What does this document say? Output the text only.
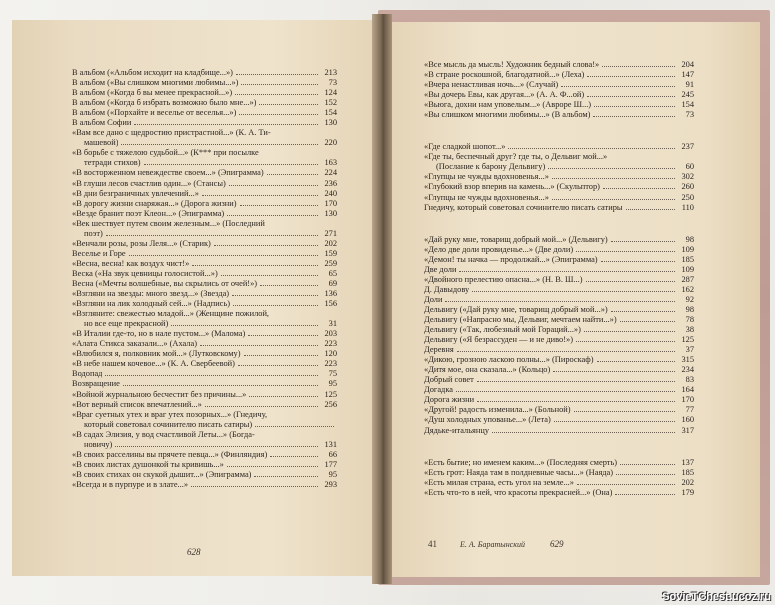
В альбом («Альбом исходит на кладбище...»)	213
В альбом («Вы слишком многими любимы...»)	73
В альбом («Когда б вы менее прекрасной...»)	124
В альбом («Когда б избрать возможно было мне...»)	152
В альбом («Порхайте и веселье от веселья...»)	154
В альбом Софии	130
«Вам все дано с щедростию пристрастной...» (К. А. Ти-
машевой)	220
«В борьбе с тяжелою судьбой...» (К*** при посылке
тетради стихов)	163
«В восторженном невеждестве своем...» (Эпиграмма)	224
«В глуши лесов счастлив один...» (Стансы)	236
«В дни безграничных увлечений...»	240
«В дорогу жизни снаряжая...» (Дорога жизни)	170
«Везде бранит поэт Клеон...» (Эпиграмма)	130
«Век шествует путем своим железным...» (Последний
поэт)	271
«Венчали розы, розы Леля...» (Старик)	202
Веселье и Горе	159
«Весна, весна! как воздух чист!»	259
Веска («На звук цевницы голосистой...»)	65
Весна («Мечты волшебные, вы скрылись от очей!»)	69
«Взгляни на звезды: много звезд...» (Звезда)	136
«Взгляни на лик холодный сей...» (Надпись)	156
«Взгляните: свежестью младой...» (Женщине пожилой,
но все еще прекрасной)	31
«В Италии где-то, но в нале пустом...» (Малома)	203
«Алата Стикса заказали...» (Ахала)	223
«Влюбился я, полковник мой...» (Лутковскому)	120
«В небе нашем кочевое...» (К. А. Свербеевой)	223
Водопад	75
Возвращение	95
«Войной журнальною бесчестит без причины...»	125
«Вот верный список впечатлений...»	256
«Враг суетных утех и враг утех позорных...» (Гнедичу,
который советовал сочинителю писать сатиры)
«В садах Элизия, у вод счастливой Леты...» (Богда-
новичу)	131
«В своих расселины вы прячете певца...» (Финляндия)	66
«В своих листах душонкой ты кривишь...»	177
«В своих стихах он скукой дышит...» (Эпиграмма)	95
«Всегда и в пурпуре и в злате...»	293
628
«Все мысль да мысль! Художник бедный слова!»	204
«В стране роскошной, благодатной...» (Леха)	147
«Вчера ненастливая ночь...» (Случай)	91
«Вы дочерь Евы, как другая...» (А. А. Ф...ой)	245
«Вьюга, дохни нам уповелым...» (Авроре Ш...)	154
«Вы слишком многими любимы...» (В альбом)	73
«Где сладкой шопот...»	237
«Где ты, беспечный друг? где ты, о Дельвиг мой...»
(Послание к барону Дельвигу)	60
«Глупцы не чужды вдохновенья...»	302
«Глубокий взор вперив на камень...» (Скульптор)	260
«Глупцы не чужды вдохновенья...»	250
Гнедичу, который советовал сочинителю писать сатиры	110
«Дай руку мне, товарищ добрый мой...» (Дельвигу)	98
«Дело две доли провиденье...» (Две доли)	109
«Демон! ты начка — продолжай...» (Эпиграмма)	185
Две доли	109
«Двойного прелестию опасна...» (Н. В. Ш...)	287
Д. Давыдову	162
Доли	92
Дельвигу («Дай руку мне, товарищ добрый мой...»)	98
Дельвигу («Напрасно мы, Дельвиг, мечтаем найти...»)	78
Дельвигу («Так, любезный мой Гораций...»)	38
Дельвигу («Я безрассуден — и не диво!»)	125
Деревня	37
«Дикою, грозною ласкою полны...» (Пироскаф)	315
«Дитя мое, она сказала...» (Кольцо)	234
Добрый совет	83
Догадка	164
Дорога жизни	170
«Другой! радость изменила...» (Больной)	77
«Душ холодных упованье...» (Лета)	160
Дядьке-итальянцу	317
«Есть бытие; но именем каким...» (Последняя смерть)	137
«Есть грот: Наяда там в полдневные часы...» (Наяда)	185
«Есть милая страна, есть угол на земле...»	202
«Есть что-то в ней, что красоты прекрасней...» (Она)	179
41	Е. А. Баратынский	629
SovieTChest.ucoz.ru
